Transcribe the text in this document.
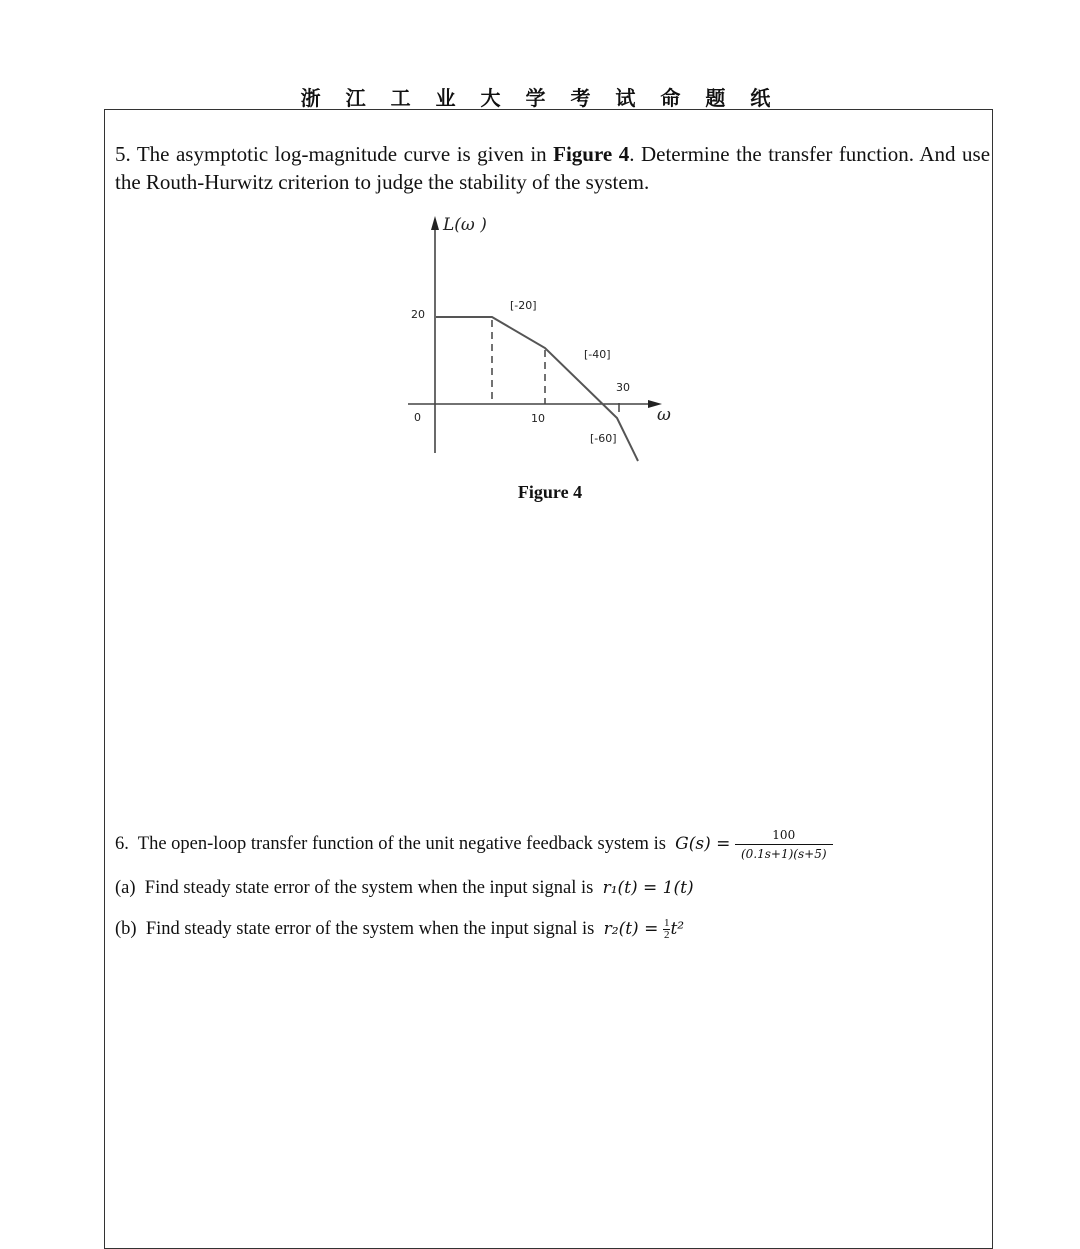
浙 江 工 业 大 学 考 试 命 题 纸
5. The asymptotic log-magnitude curve is given in Figure 4. Determine the transfer function. And use the Routh-Hurwitz criterion to judge the stability of the system.
L(ω )
20
0	10
30
[-20]
[-40]
[-60]
ω
Figure 4
6. The open-loop transfer function of the unit negative feedback system is $G(s) = \frac{100}{(0.1s+1)(s+5)}$
(a) Find steady state error of the system when the input signal is r₁(t) = 1(t)
(b) Find steady state error of the system when the input signal is $r_2(t) = \frac{1}{2} t^2$
